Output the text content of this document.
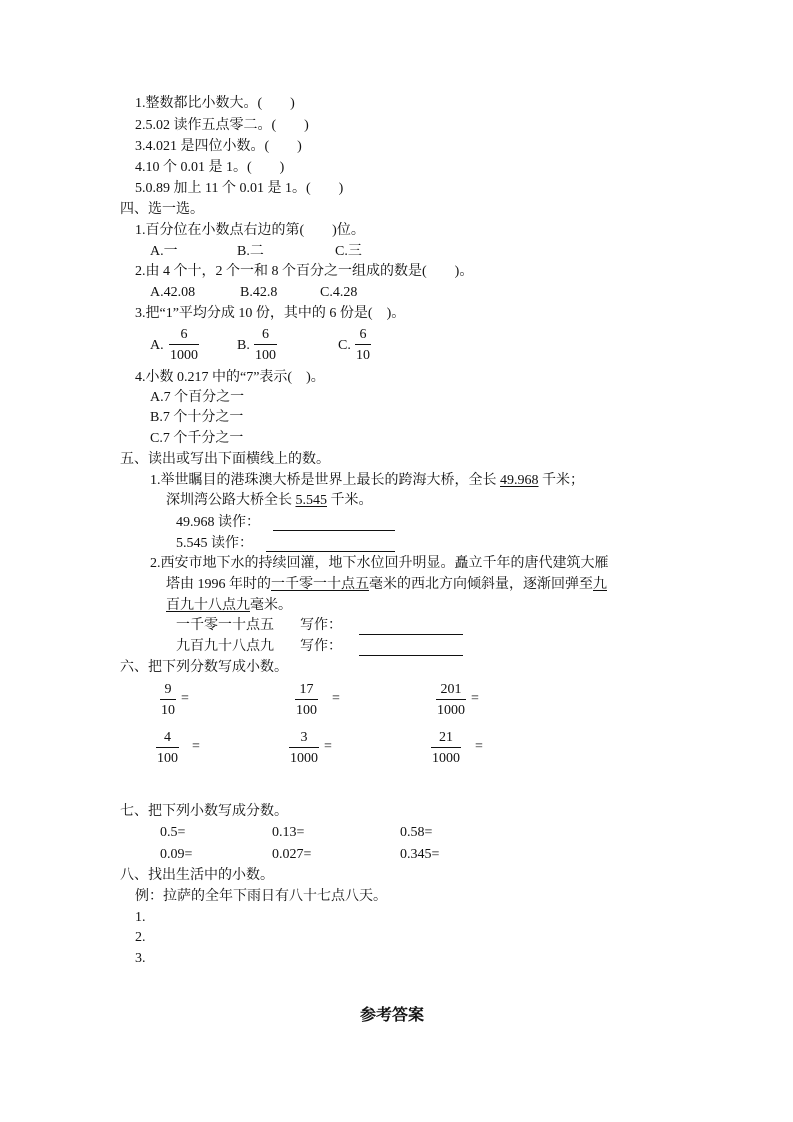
1.整数都比小数大。(　　)
2.5.02 读作五点零二。(　　)
3.4.021 是四位小数。(　　)
4.10 个 0.01 是 1。(　　)
5.0.89 加上 11 个 0.01 是 1。(　　)
四、选一选。
1.百分位在小数点右边的第(　　)位。
A.一	B.二	C.三
2.由 4 个十，2 个一和 8 个百分之一组成的数是(　　)。
A.42.08	B.42.8	C.4.28
3.把“1”平均分成 10 份，其中的 6 份是(　)。
A. $\frac{6}{1000}$	B. $\frac{6}{100}$	C. $\frac{6}{10}$
4.小数 0.217 中的“7”表示(　)。
A.7 个百分之一
B.7 个十分之一
C.7 个千分之一
五、读出或写出下面横线上的数。
1.举世瞩目的港珠澳大桥是世界上最长的跨海大桥，全长 49.968 千米；
深圳湾公路大桥全长 5.545 千米。
49.968 读作：
5.545 读作：
2.西安市地下水的持续回灌，地下水位回升明显。矗立千年的唐代建筑大雁
塔由 1996 年时的一千零一十点五毫米的西北方向倾斜量，逐渐回弹至九
百九十八点九毫米。
一千零一十点五 写作：
九百九十八点九 写作：
六、把下列分数写成小数。
$\frac{9}{10}$ =	$\frac{17}{100}$ =	$\frac{201}{1000}$ =
$\frac{4}{100}$ =	$\frac{3}{1000}$ =	$\frac{21}{1000}$ =
七、把下列小数写成分数。
0.5=	0.13=	0.58=
0.09=	0.027=	0.345=
八、找出生活中的小数。
例：拉萨的全年下雨日有八十七点八天。
1.
2.
3.
参考答案
